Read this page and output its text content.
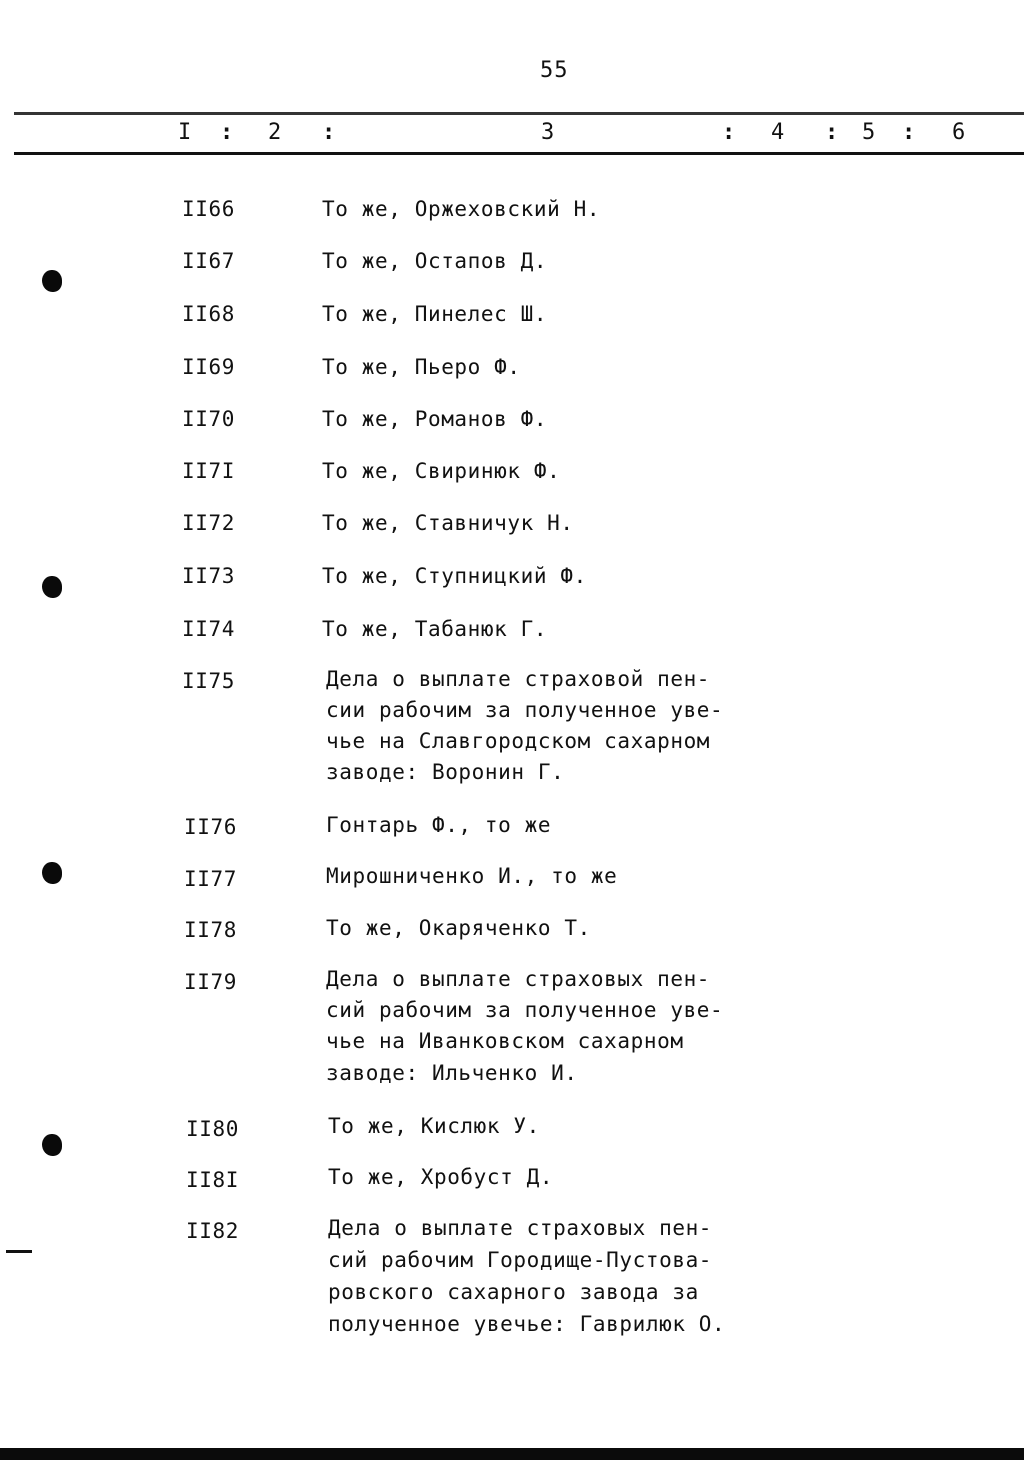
55
I : 2 :	3	: 4 : 5 : 6
II66	То же, Оржеховский Н.
II67	То же, Остапов Д.
II68	То же, Пинелес Ш.
II69	То же, Пьеро Ф.
II70	То же, Романов Ф.
II7I	То же, Свиринюк Ф.
II72	То же, Ставничук Н.
II73	То же, Ступницкий Ф.
II74	То же, Табанюк Г.
II75	Дела о выплате страховой пен-
сии рабочим за полученное уве-
чье на Славгородском сахарном
заводе: Воронин Г.
II76	Гонтарь Ф., то же
II77	Мирошниченко И., то же
II78	То же, Окаряченко Т.
II79	Дела о выплате страховых пен-
сий рабочим за полученное уве-
чье на Иванковском сахарном
заводе: Ильченко И.
II80	То же, Кислюк У.
II8I	То же, Хробуст Д.
II82	Дела о выплате страховых пен-
сий рабочим Городище-Пустова-
ровского сахарного завода за
полученное увечье: Гаврилюк О.
